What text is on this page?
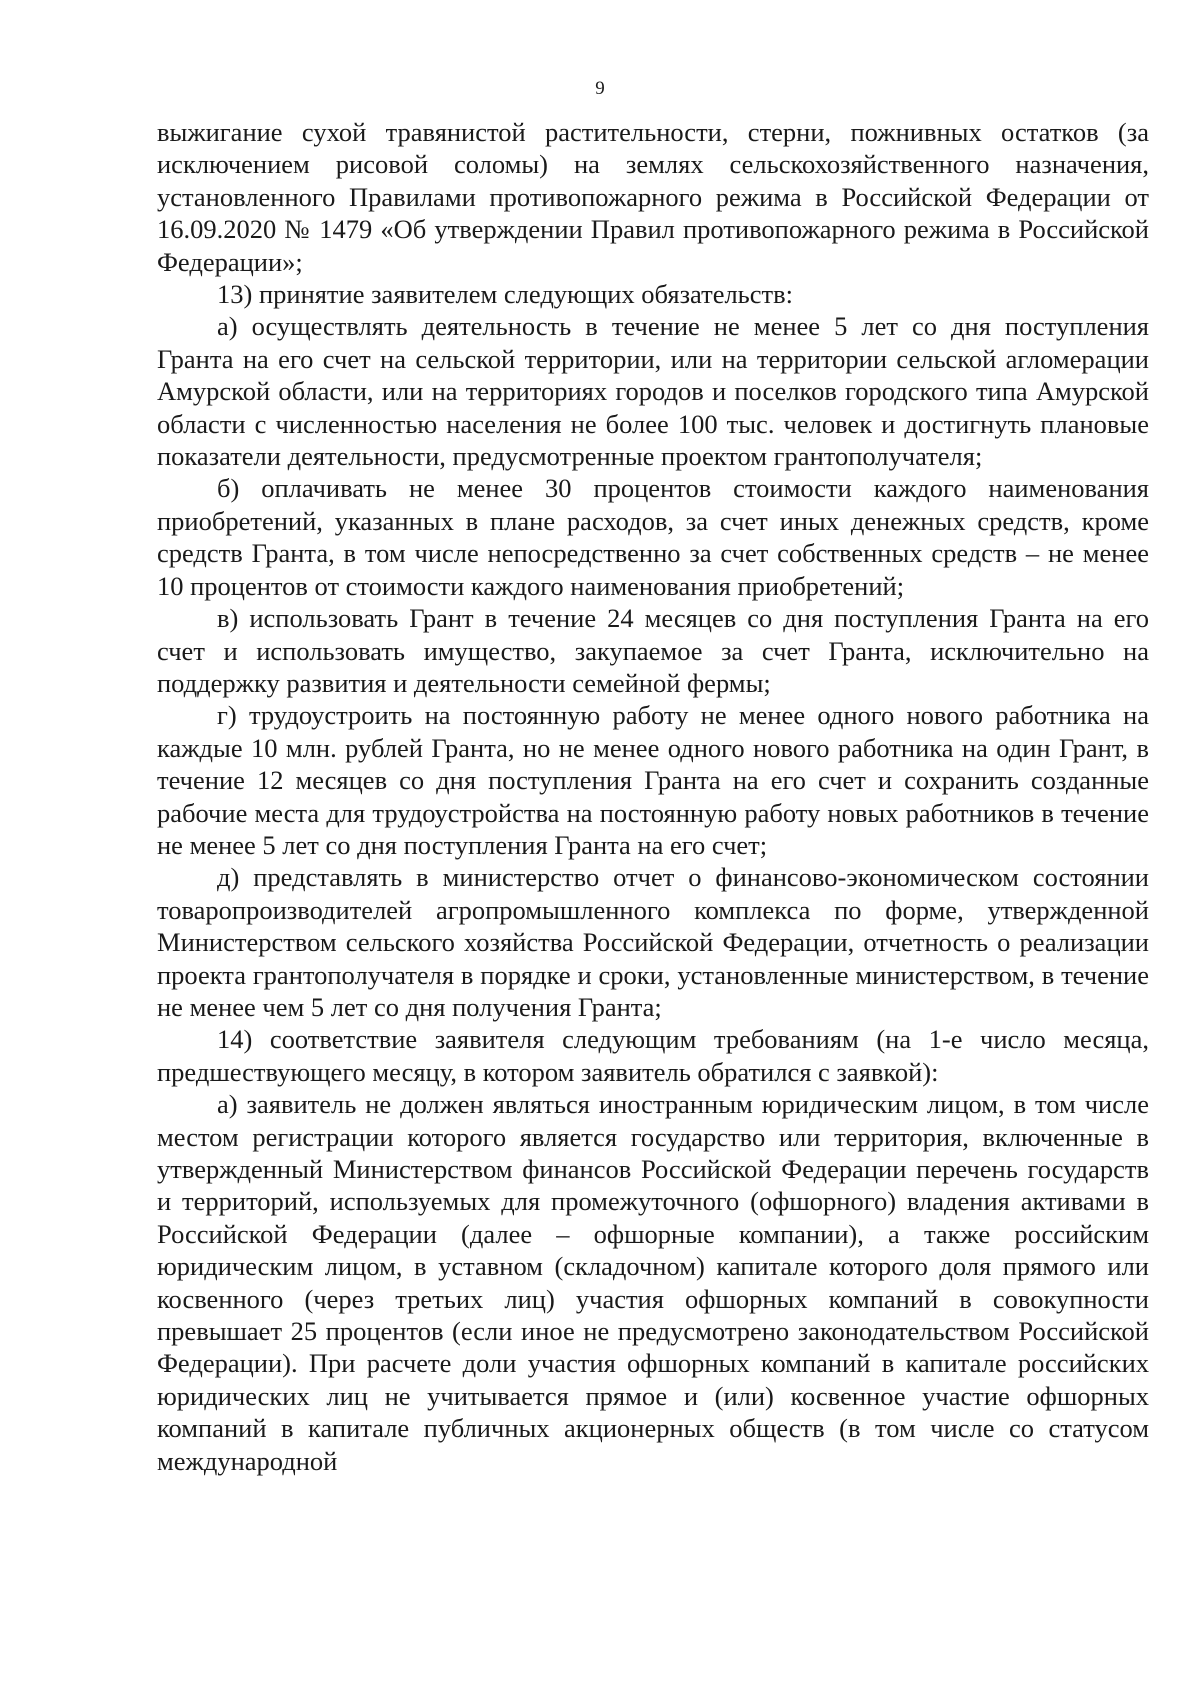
9

выжигание сухой травянистой растительности, стерни, пожнивных остатков (за исключением рисовой соломы) на землях сельскохозяйственного назначения, установленного Правилами противопожарного режима в Российской Федерации от 16.09.2020 № 1479 «Об утверждении Правил противопожарного режима в Российской Федерации»;

13) принятие заявителем следующих обязательств:

а) осуществлять деятельность в течение не менее 5 лет со дня поступления Гранта на его счет на сельской территории, или на территории сельской агломерации Амурской области, или на территориях городов и поселков городского типа Амурской области с численностью населения не более 100 тыс. человек и достигнуть плановые показатели деятельности, предусмотренные проектом грантополучателя;

б) оплачивать не менее 30 процентов стоимости каждого наименования приобретений, указанных в плане расходов, за счет иных денежных средств, кроме средств Гранта, в том числе непосредственно за счет собственных средств – не менее 10 процентов от стоимости каждого наименования приобретений;

в) использовать Грант в течение 24 месяцев со дня поступления Гранта на его счет и использовать имущество, закупаемое за счет Гранта, исключительно на поддержку развития и деятельности семейной фермы;

г) трудоустроить на постоянную работу не менее одного нового работника на каждые 10 млн. рублей Гранта, но не менее одного нового работника на один Грант, в течение 12 месяцев со дня поступления Гранта на его счет и сохранить созданные рабочие места для трудоустройства на постоянную работу новых работников в течение не менее 5 лет со дня поступления Гранта на его счет;

д) представлять в министерство отчет о финансово-экономическом состоянии товаропроизводителей агропромышленного комплекса по форме, утвержденной Министерством сельского хозяйства Российской Федерации, отчетность о реализации проекта грантополучателя в порядке и сроки, установленные министерством, в течение не менее чем 5 лет со дня получения Гранта;

14) соответствие заявителя следующим требованиям (на 1-е число месяца, предшествующего месяцу, в котором заявитель обратился с заявкой):

а) заявитель не должен являться иностранным юридическим лицом, в том числе местом регистрации которого является государство или территория, включенные в утвержденный Министерством финансов Российской Федерации перечень государств и территорий, используемых для промежуточного (офшорного) владения активами в Российской Федерации (далее – офшорные компании), а также российским юридическим лицом, в уставном (складочном) капитале которого доля прямого или косвенного (через третьих лиц) участия офшорных компаний в совокупности превышает 25 процентов (если иное не предусмотрено законодательством Российской Федерации). При расчете доли участия офшорных компаний в капитале российских юридических лиц не учитывается прямое и (или) косвенное участие офшорных компаний в капитале публичных акционерных обществ (в том числе со статусом международной
